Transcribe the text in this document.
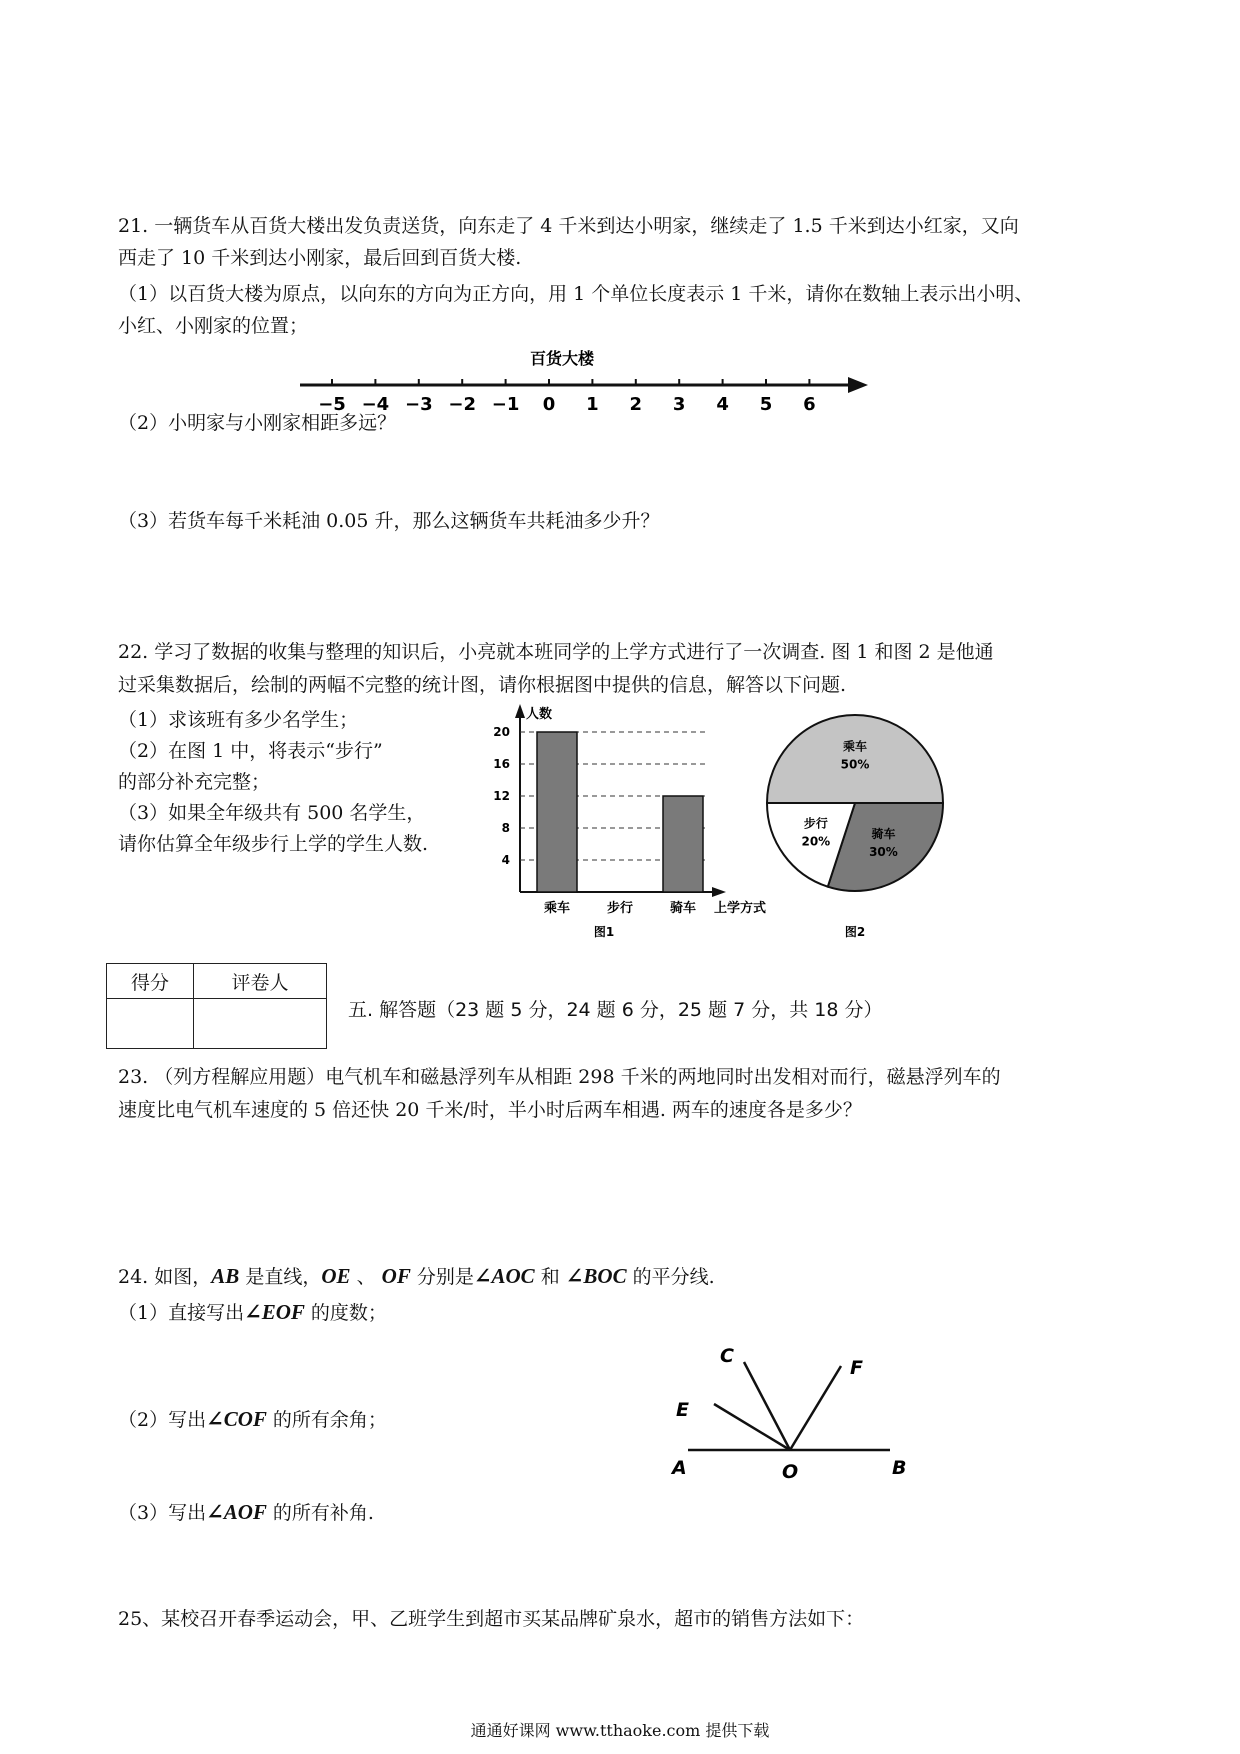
21. 一辆货车从百货大楼出发负责送货，向东走了 4 千米到达小明家，继续走了 1.5 千米到达小红家，又向
西走了 10 千米到达小刚家，最后回到百货大楼.
（1）以百货大楼为原点，以向东的方向为正方向，用 1 个单位长度表示 1 千米，请你在数轴上表示出小明、
小红、小刚家的位置；
百货大楼
−5 −4 −3 −2 −1 0 1 2 3 4 5 6
（2）小明家与小刚家相距多远？
（3）若货车每千米耗油 0.05 升，那么这辆货车共耗油多少升？
22. 学习了数据的收集与整理的知识后，小亮就本班同学的上学方式进行了一次调查. 图 1 和图 2 是他通
过采集数据后，绘制的两幅不完整的统计图，请你根据图中提供的信息，解答以下问题.
（1）求该班有多少名学生；
（2）在图 1 中，将表示“步行”
的部分补充完整；
（3）如果全年级共有 500 名学生，
请你估算全年级步行上学的学生人数.
人数
上学方式
图1
4
8
12
16
20
乘车	步行	骑车
乘车
50%
骑车
30%
步行
20%
图2
得分	评卷人

五. 解答题（23 题 5 分，24 题 6 分，25 题 7 分，共 18 分）
23. （列方程解应用题）电气机车和磁悬浮列车从相距 298 千米的两地同时出发相对而行，磁悬浮列车的
速度比电气机车速度的 5 倍还快 20 千米/时，半小时后两车相遇. 两车的速度各是多少？
24. 如图，AB 是直线，OE 、 OF 分别是∠AOC 和 ∠BOC 的平分线.
（1）直接写出∠EOF 的度数；
（2）写出∠COF 的所有余角；
（3）写出∠AOF 的所有补角.
A	O	B
C
E
F
25、某校召开春季运动会，甲、乙班学生到超市买某品牌矿泉水，超市的销售方法如下：
通通好课网 www.tthaoke.com 提供下载
